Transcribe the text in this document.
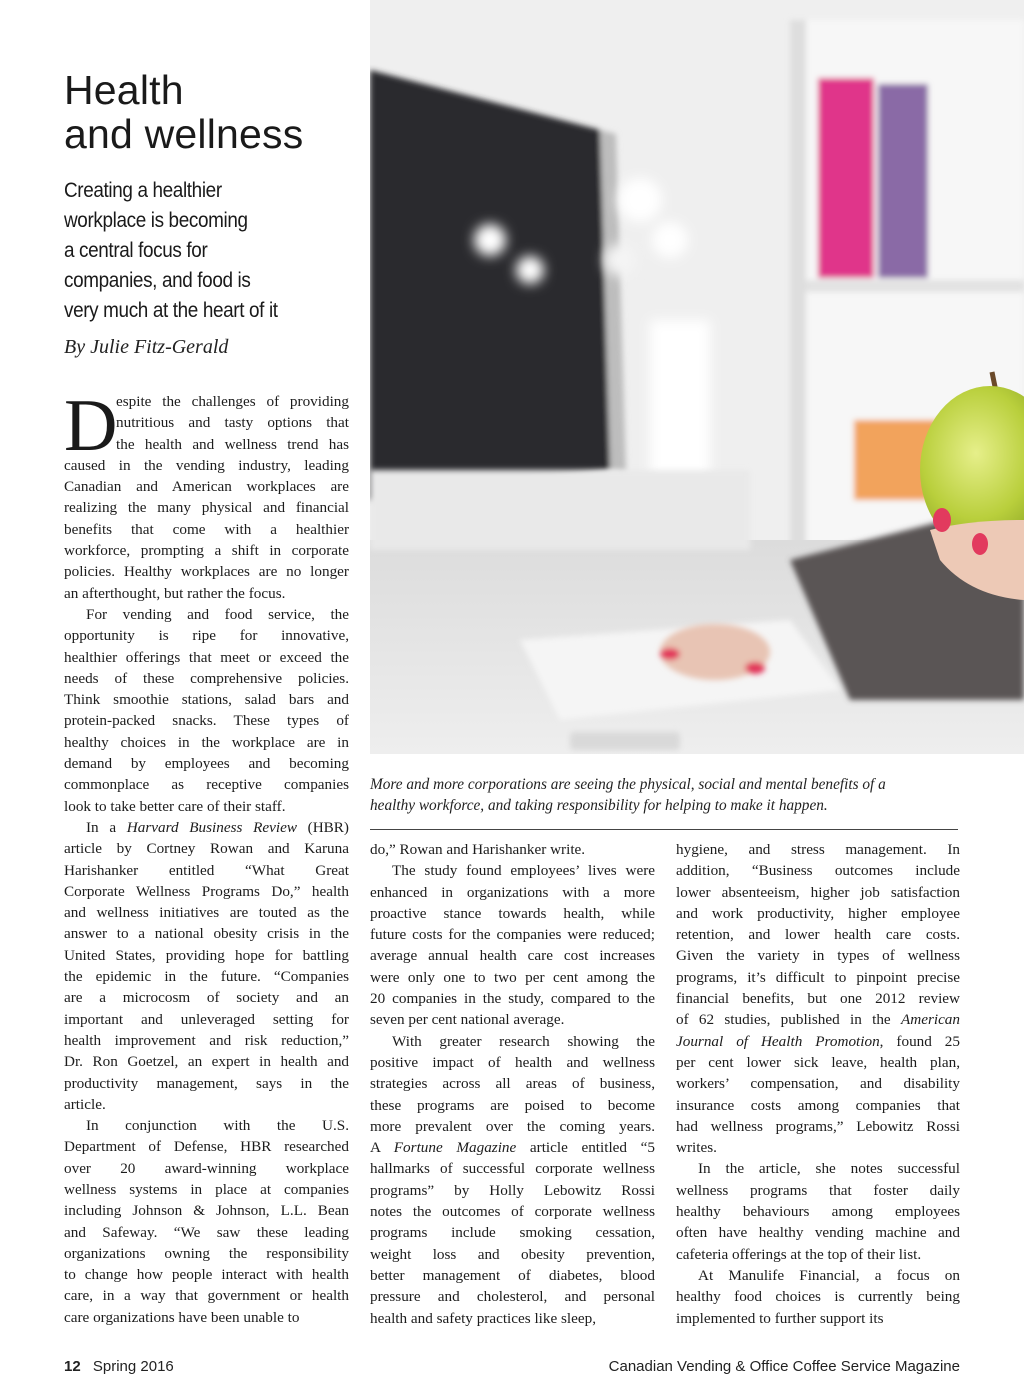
Health
and wellness
Creating a healthier
workplace is becoming
a central focus for
companies, and food is
very much at the heart of it
By Julie Fitz-Gerald
More and more corporations are seeing the physical, social and mental benefits of a
healthy workforce, and taking responsibility for helping to make it happen.
D
espite the challenges of providing
nutritious and tasty options that
the health and wellness trend has
caused in the vending industry, leading
Canadian and American workplaces are
realizing the many physical and financial
benefits that come with a healthier
workforce, prompting a shift in corporate
policies. Healthy workplaces are no longer
an afterthought, but rather the focus.
For vending and food service, the
opportunity is ripe for innovative,
healthier offerings that meet or exceed the
needs of these comprehensive policies.
Think smoothie stations, salad bars and
protein-packed snacks. These types of
healthy choices in the workplace are in
demand by employees and becoming
commonplace as receptive companies
look to take better care of their staff.
In a Harvard Business Review (HBR)
article by Cortney Rowan and Karuna
Harishanker entitled “What Great
Corporate Wellness Programs Do,” health
and wellness initiatives are touted as the
answer to a national obesity crisis in the
United States, providing hope for battling
the epidemic in the future. “Companies
are a microcosm of society and an
important and unleveraged setting for
health improvement and risk reduction,”
Dr. Ron Goetzel, an expert in health and
productivity management, says in the
article.
In conjunction with the U.S.
Department of Defense, HBR researched
over 20 award-winning workplace
wellness systems in place at companies
including Johnson & Johnson, L.L. Bean
and Safeway. “We saw these leading
organizations owning the responsibility
to change how people interact with health
care, in a way that government or health
care organizations have been unable to
do,” Rowan and Harishanker write.
The study found employees’ lives were
enhanced in organizations with a more
proactive stance towards health, while
future costs for the companies were reduced;
average annual health care cost increases
were only one to two per cent among the
20 companies in the study, compared to the
seven per cent national average.
With greater research showing the
positive impact of health and wellness
strategies across all areas of business,
these programs are poised to become
more prevalent over the coming years.
A Fortune Magazine article entitled “5
hallmarks of successful corporate wellness
programs” by Holly Lebowitz Rossi
notes the outcomes of corporate wellness
programs include smoking cessation,
weight loss and obesity prevention,
better management of diabetes, blood
pressure and cholesterol, and personal
health and safety practices like sleep,
hygiene, and stress management. In
addition, “Business outcomes include
lower absenteeism, higher job satisfaction
and work productivity, higher employee
retention, and lower health care costs.
Given the variety in types of wellness
programs, it’s difficult to pinpoint precise
financial benefits, but one 2012 review
of 62 studies, published in the American
Journal of Health Promotion, found 25
per cent lower sick leave, health plan,
workers’ compensation, and disability
insurance costs among companies that
had wellness programs,” Lebowitz Rossi
writes.
In the article, she notes successful
wellness programs that foster daily
healthy behaviours among employees
often have healthy vending machine and
cafeteria offerings at the top of their list.
At Manulife Financial, a focus on
healthy food choices is currently being
implemented to further support its
12 Spring 2016	Canadian Vending & Office Coffee Service Magazine
